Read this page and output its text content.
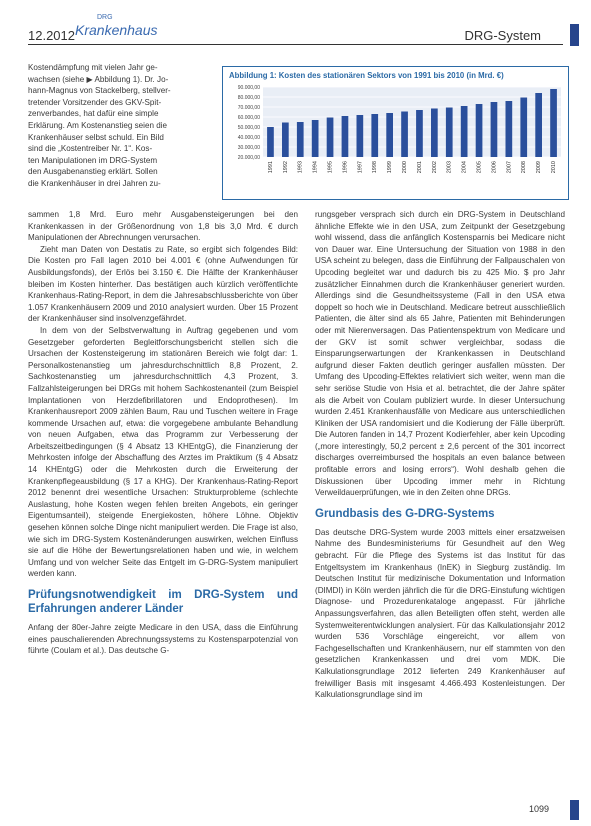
12.2012
DRG
Krankenhaus	DRG-System
Kostendämpfung mit vielen Jahr ge-
wachsen (siehe ▶ Abbildung 1). Dr. Jo-
hann-Magnus von Stackelberg, stellver-
tretender Vorsitzender des GKV-Spit-
zenverbandes, hat dafür eine simple
Erklärung. Am Kostenanstieg seien die
Krankenhäuser selbst schuld. Ein Bild
sind die „Kostentreiber Nr. 1“. Kos-
ten Manipulationen im DRG-System
den Ausgabenanstieg erklärt. Sollen
die Krankenhäuser in drei Jahren zu-
Abbildung 1: Kosten des stationären Sektors von 1991 bis 2010 (in Mrd. €)
90.000,00
80.000,00
70.000,00
60.000,00
50.000,00
40.000,00
30.000,00
20.000,00
1991 1992 1993 1994 1995 1996 1997 1998 1999 2000 2001 2002 2003 2004 2005 2006 2007 2008 2009 2010

sammen 1,8 Mrd. Euro mehr Ausgabensteigerungen bei den Krankenkassen in der Größenordnung von 1,8 bis 3,0 Mrd. € durch Manipulationen der Abrechnungen verursachen.

Zieht man Daten von Destatis zu Rate, so ergibt sich folgendes Bild: Die Kosten pro Fall lagen 2010 bei 4.001 € (ohne Aufwendungen für Ausbildungsfonds), der Erlös bei 3.150 €. Die Hälfte der Krankenhäuser bleiben im Kosten hinterher. Das bestätigen auch kürzlich veröffentlichte Krankenhaus-Rating-Report, in dem die Jahresabschlussberichte von über 1.057 Krankenhäusern 2009 und 2010 analysiert wurden. Über 15 Prozent der Krankenhäuser sind insolvenzgefährdet.

In dem von der Selbstverwaltung in Auftrag gegebenen und vom Gesetzgeber geforderten Begleitforschungsbericht stellen sich die Ursachen der Kostensteigerung im stationären Bereich wie folgt dar: 1. Personalkostenanstieg um jahresdurchschnittlich 8,8 Prozent, 2. Sachkostenanstieg um jahresdurchschnittlich 4,3 Prozent, 3. Fallzahlsteigerungen bei DRGs mit hohem Sachkostenanteil (zum Beispiel Implantationen von Herzdefibrillatoren und Endoprothesen). Im Krankenhausreport 2009 zählen Baum, Rau und Tuschen weitere in Frage kommende Ursachen auf, etwa: die vorgegebene ambulante Behandlung von neuen Aufgaben, etwa das Programm zur Verbesserung der Arbeitszeitbedingungen (§ 4 Absatz 13 KHEntgG), die Finanzierung der Mehrkosten infolge der Abschaffung des Arztes im Praktikum (§ 4 Absatz 14 KHEntgG) oder die Mehrkosten durch die Erweiterung der Krankenpflegeausbildung (§ 17 a KHG). Der Krankenhaus-Rating-Report 2012 benennt drei wesentliche Ursachen: Strukturprobleme (schlechte Auslastung, hohe Kosten wegen fehlen breiten Angebots, ein geringer Eigentumsanteil), steigende Energiekosten, höhere Löhne. Objektiv gesehen können solche Dinge nicht manipuliert werden. Die Frage ist also, wie sich im DRG-System Kostenänderungen auswirken, welchen Einfluss sie auf die Höhe der Bewertungsrelationen haben und wie, in welchem Umfang und von welcher Seite das Entgelt im G-DRG-System manipuliert werden kann.

Prüfungsnotwendigkeit im DRG-System und Erfahrungen anderer Länder

Anfang der 80er-Jahre zeigte Medicare in den USA, dass die Einführung eines pauschalierenden Abrechnungssystems zu Kostensparpotenzial von führte (Coulam et al.). Das deutsche G-

rungsgeber versprach sich durch ein DRG-System in Deutschland ähnliche Effekte wie in den USA, zum Zeitpunkt der Gesetzgebung wohl wissend, dass die anfänglich Kostensparnis bei Medicare nicht von Dauer war. Eine Untersuchung der Situation von 1988 in den USA scheint zu belegen, dass die Einführung der Fallpauschalen von Upcoding begleitet war und dadurch bis zu 425 Mio. $ pro Jahr zusätzlicher Einnahmen durch die Krankenhäuser generiert wurden. Allerdings sind die Gesundheitssysteme (Fall in den USA etwa doppelt so hoch wie in Deutschland. Medicare betreut ausschließlich Patienten, die älter sind als 65 Jahre, Patienten mit Behinderungen oder mit Nierenversagen. Das Patientenspektrum von Medicare und der GKV ist somit schwer vergleichbar, sodass die Einsparungserwartungen der Krankenkassen in Deutschland aufgrund dieser Fakten deutlich geringer ausfallen müssten. Der Umfang des Upcoding-Effektes relativiert sich weiter, wenn man die sehr seriöse Studie von Hsia et al. betrachtet, die der Jahre später als die Arbeit von Coulam publiziert wurde. In dieser Untersuchung wurden 2.451 Krankenhausfälle von Medicare aus unterschiedlichen Kliniken der USA randomisiert und die Kodierung der Fälle überprüft. Die Autoren fanden in 14,7 Prozent Kodierfehler, aber kein Upcoding („more interestingly, 50,2 percent ± 2,6 percent of the 301 incorrect discharges overreimbursed the hospitals an even balance between profitable errors and losing errors“). Wohl deshalb gehen die Diskussionen über Upcoding immer mehr in Richtung Verweildauerprüfungen, wie in den Zeiten ohne DRGs.

Grundbasis des G-DRG-Systems

Das deutsche DRG-System wurde 2003 mittels einer ersatzweisen Nahme des Bundesministeriums für Gesundheit auf den Weg gebracht. Für die Pflege des Systems ist das Institut für das Entgeltsystem im Krankenhaus (InEK) in Siegburg zuständig. Im Deutschen Institut für medizinische Dokumentation und Information (DIMDI) in Köln werden jährlich die für die DRG-Einstufung wichtigen Diagnose- und Prozedurenkataloge angepasst. Für jährliche Anpassungsverfahren, das allen Beteiligten offen steht, werden alle Systemweiterentwicklungen analysiert. Für das Kalkulationsjahr 2012 wurden 536 Vorschläge eingereicht, vor allem von Fachgesellschaften und Krankenhäusern, nur elf stammten von den gesetzlichen Krankenkassen und drei vom MDK. Die Kalkulationsgrundlage 2012 lieferten 249 Krankenhäuser auf freiwilliger Basis mit insgesamt 4.466.493 Kostenleistungen. Der Kalkulationsgrundlage sind im

1099
